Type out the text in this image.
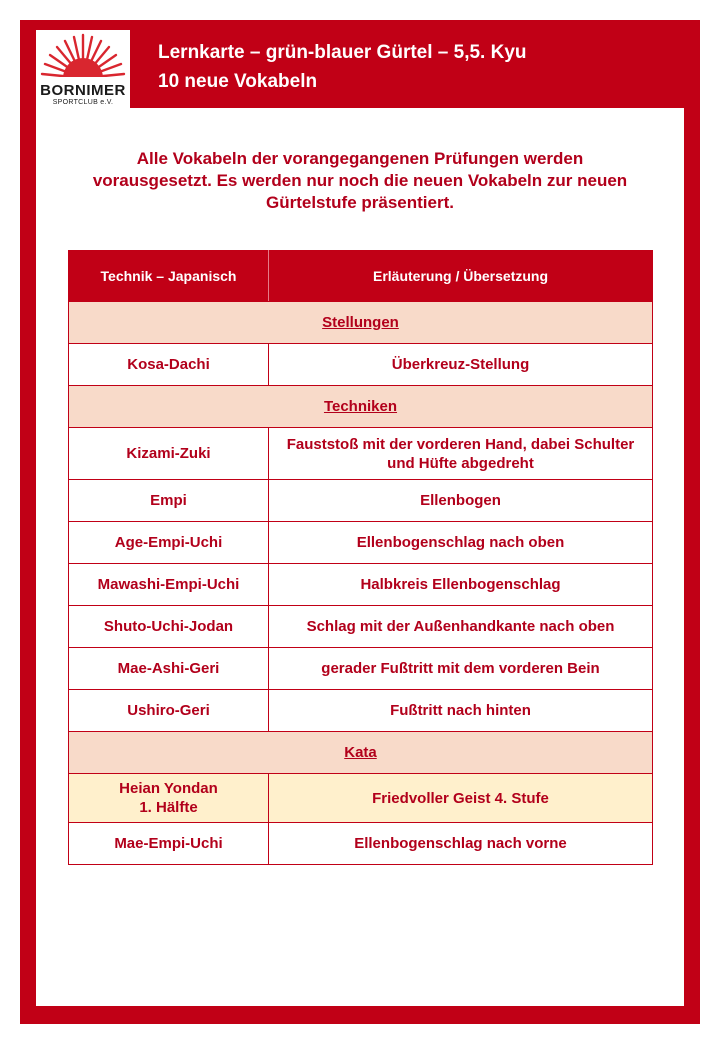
BORNIMER
SPORTCLUB e.V.
Lernkarte – grün-blauer Gürtel – 5,5. Kyu
10 neue Vokabeln
Alle Vokabeln der vorangegangenen Prüfungen werden vorausgesetzt. Es werden nur noch die neuen Vokabeln zur neuen Gürtelstufe präsentiert.
Technik – Japanisch	Erläuterung / Übersetzung
Stellungen	
Kosa-Dachi	Überkreuz-Stellung
Techniken	
Kizami-Zuki	Fauststoß mit der vorderen Hand, dabei Schulter und Hüfte abgedreht
Empi	Ellenbogen
Age-Empi-Uchi	Ellenbogenschlag nach oben
Mawashi-Empi-Uchi	Halbkreis Ellenbogenschlag
Shuto-Uchi-Jodan	Schlag mit der Außenhandkante nach oben
Mae-Ashi-Geri	gerader Fußtritt mit dem vorderen Bein
Ushiro-Geri	Fußtritt nach hinten
Kata	

Heian Yondan
1. Hälfte	Friedvoller Geist 4. Stufe
Mae-Empi-Uchi	Ellenbogenschlag nach vorne
